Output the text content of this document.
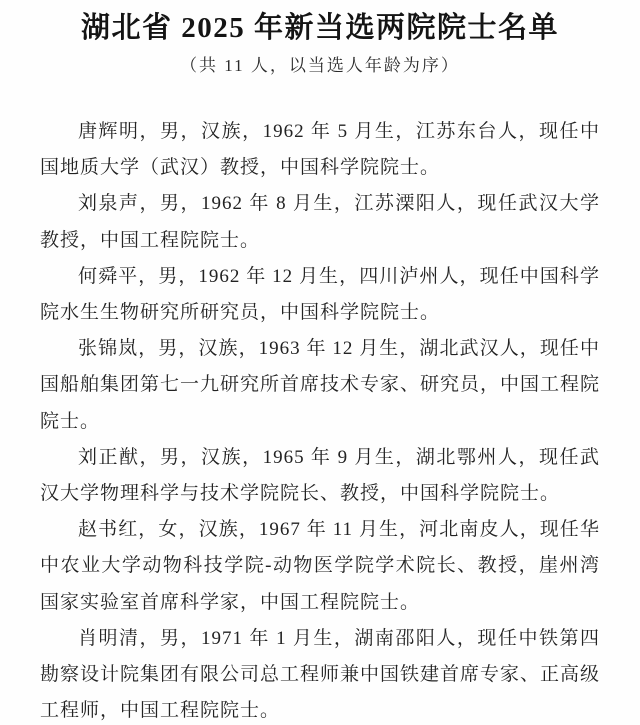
湖北省 2025 年新当选两院院士名单
（共 11 人，以当选人年龄为序）

唐辉明，男，汉族，1962 年 5 月生，江苏东台人，现任中国地质大学（武汉）教授，中国科学院院士。

刘泉声，男，1962 年 8 月生，江苏溧阳人，现任武汉大学教授，中国工程院院士。

何舜平，男，1962 年 12 月生，四川泸州人，现任中国科学院水生生物研究所研究员，中国科学院院士。

张锦岚，男，汉族，1963 年 12 月生，湖北武汉人，现任中国船舶集团第七一九研究所首席技术专家、研究员，中国工程院院士。

刘正猷，男，汉族，1965 年 9 月生，湖北鄂州人，现任武汉大学物理科学与技术学院院长、教授，中国科学院院士。

赵书红，女，汉族，1967 年 11 月生，河北南皮人，现任华中农业大学动物科技学院-动物医学院学术院长、教授，崖州湾国家实验室首席科学家，中国工程院院士。

肖明清，男，1971 年 1 月生，湖南邵阳人，现任中铁第四勘察设计院集团有限公司总工程师兼中国铁建首席专家、正高级工程师，中国工程院院士。
